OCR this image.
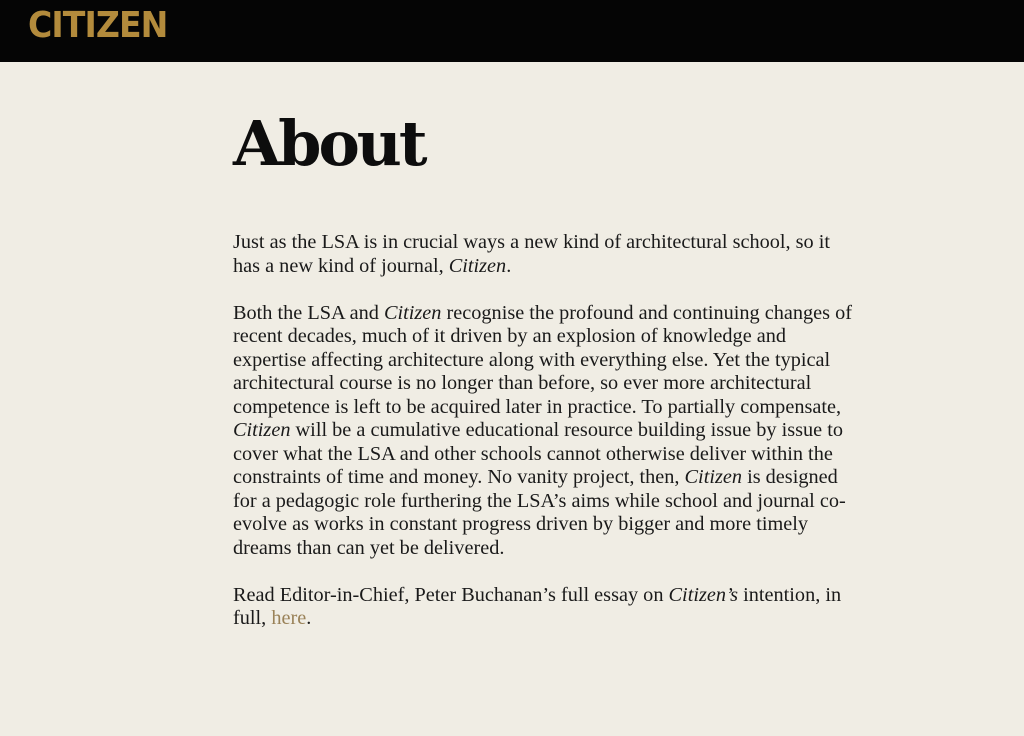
CITIZEN
About

Just as the LSA is in crucial ways a new kind of architectural school, so it has a new kind of journal, Citizen.

Both the LSA and Citizen recognise the profound and continuing changes of recent decades, much of it driven by an explosion of knowledge and expertise affecting architecture along with everything else. Yet the typical architectural course is no longer than before, so ever more architectural competence is left to be acquired later in practice. To partially compensate, Citizen will be a cumulative educational resource building issue by issue to cover what the LSA and other schools cannot otherwise deliver within the constraints of time and money. No vanity project, then, Citizen is designed for a pedagogic role furthering the LSA’s aims while school and journal co-evolve as works in constant progress driven by bigger and more timely dreams than can yet be delivered.

Read Editor-in-Chief, Peter Buchanan’s full essay on Citizen’s intention, in full, here.
